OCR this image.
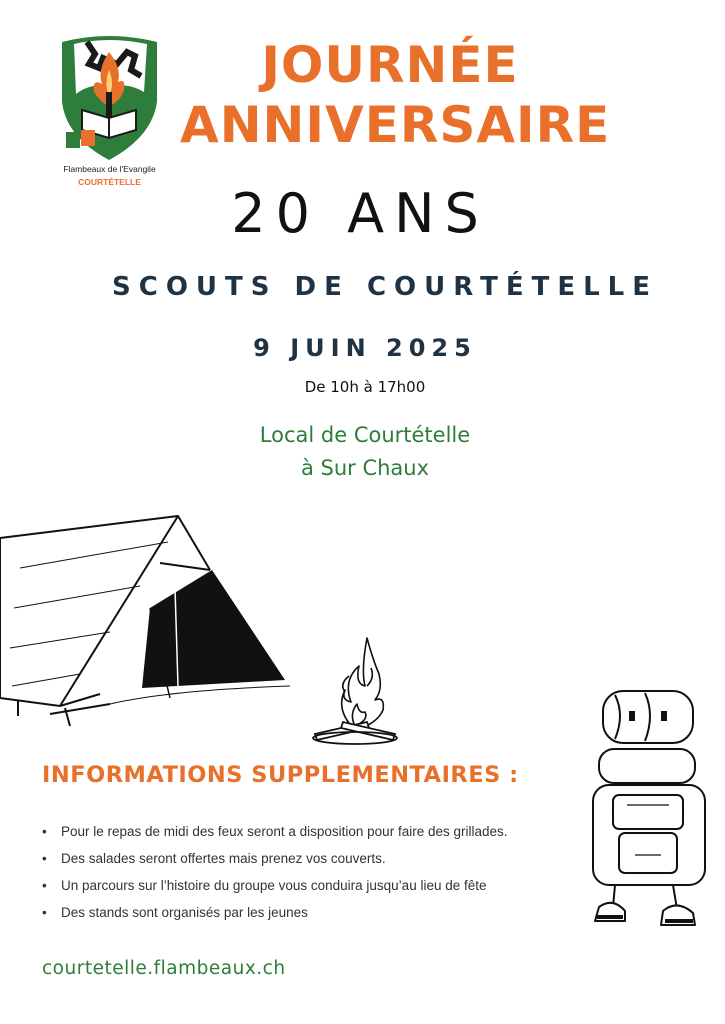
Flambeaux de l'Evangile
COURTÉTELLE
JOURNÉE
ANNIVERSAIRE
20 ANS
SCOUTS DE COURTÉTELLE
9 JUIN 2025
De 10h à 17h00
Local de Courtételle
à Sur Chaux
INFORMATIONS SUPPLEMENTAIRES :
• Pour le repas de midi des feux seront a disposition pour faire des grillades.
• Des salades seront offertes mais prenez vos couverts.
• Un parcours sur l’histoire du groupe vous conduira jusqu’au lieu de fête
• Des stands sont organisés par les jeunes
courtetelle.flambeaux.ch
